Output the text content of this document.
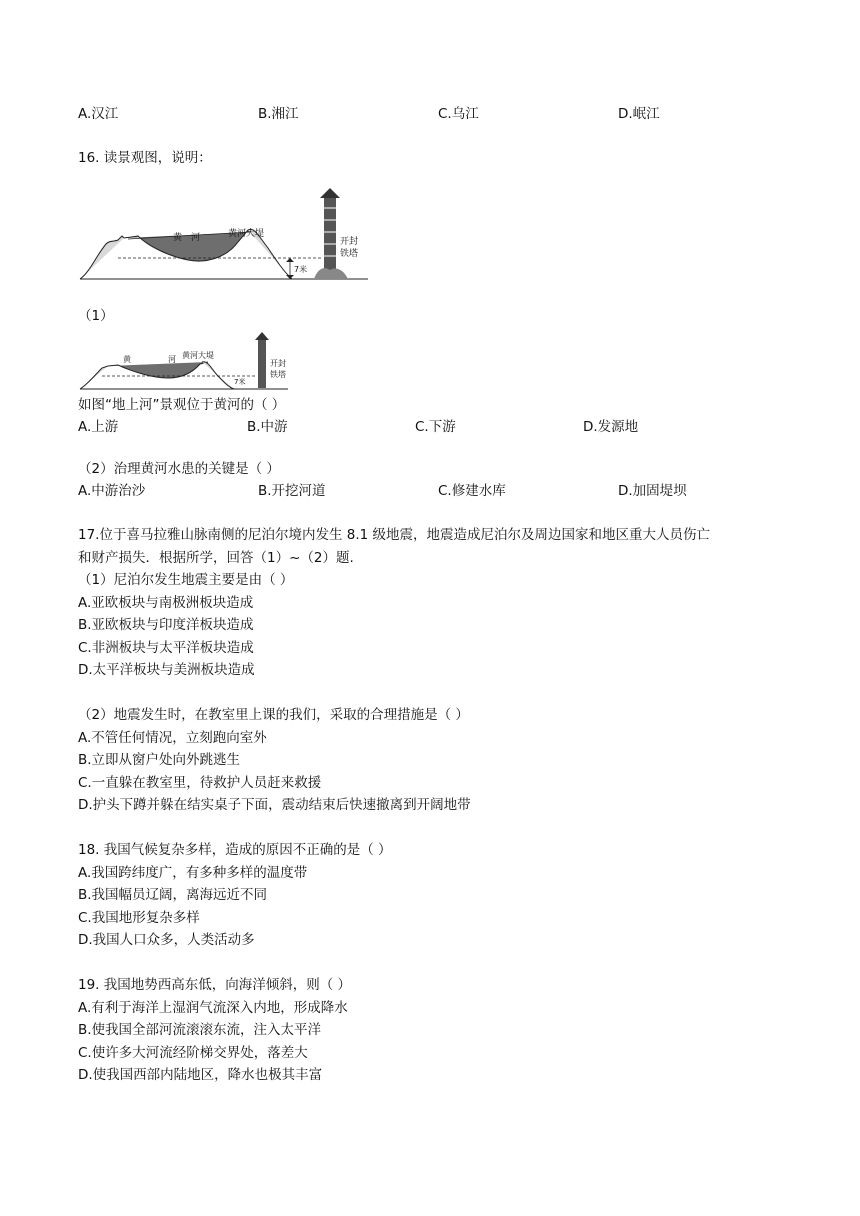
A.汉江	B.湘江	C.乌江	D.岷江
16. 读景观图，说明：
黄　河	黄河大堤
开封
铁塔
7米
（1）
黄	河 黄河大堤
开封
铁塔
7米
如图“地上河”景观位于黄河的（ ）
A.上游	B.中游	C.下游	D.发源地
（2）治理黄河水患的关键是（ ）
A.中游治沙	B.开挖河道	C.修建水库	D.加固堤坝
17.位于喜马拉雅山脉南侧的尼泊尔境内发生 8.1 级地震，地震造成尼泊尔及周边国家和地区重大人员伤亡
和财产损失．根据所学，回答（1）~（2）题.
（1）尼泊尔发生地震主要是由（ ）
A.亚欧板块与南极洲板块造成
B.亚欧板块与印度洋板块造成
C.非洲板块与太平洋板块造成
D.太平洋板块与美洲板块造成
（2）地震发生时，在教室里上课的我们，采取的合理措施是（ ）
A.不管任何情况，立刻跑向室外
B.立即从窗户处向外跳逃生
C.一直躲在教室里，待救护人员赶来救援
D.护头下蹲并躲在结实桌子下面，震动结束后快速撤离到开阔地带
18. 我国气候复杂多样，造成的原因不正确的是（ ）
A.我国跨纬度广，有多种多样的温度带
B.我国幅员辽阔，离海远近不同
C.我国地形复杂多样
D.我国人口众多，人类活动多
19. 我国地势西高东低，向海洋倾斜，则（ ）
A.有利于海洋上湿润气流深入内地，形成降水
B.使我国全部河流滚滚东流，注入太平洋
C.使许多大河流经阶梯交界处，落差大
D.使我国西部内陆地区，降水也极其丰富
